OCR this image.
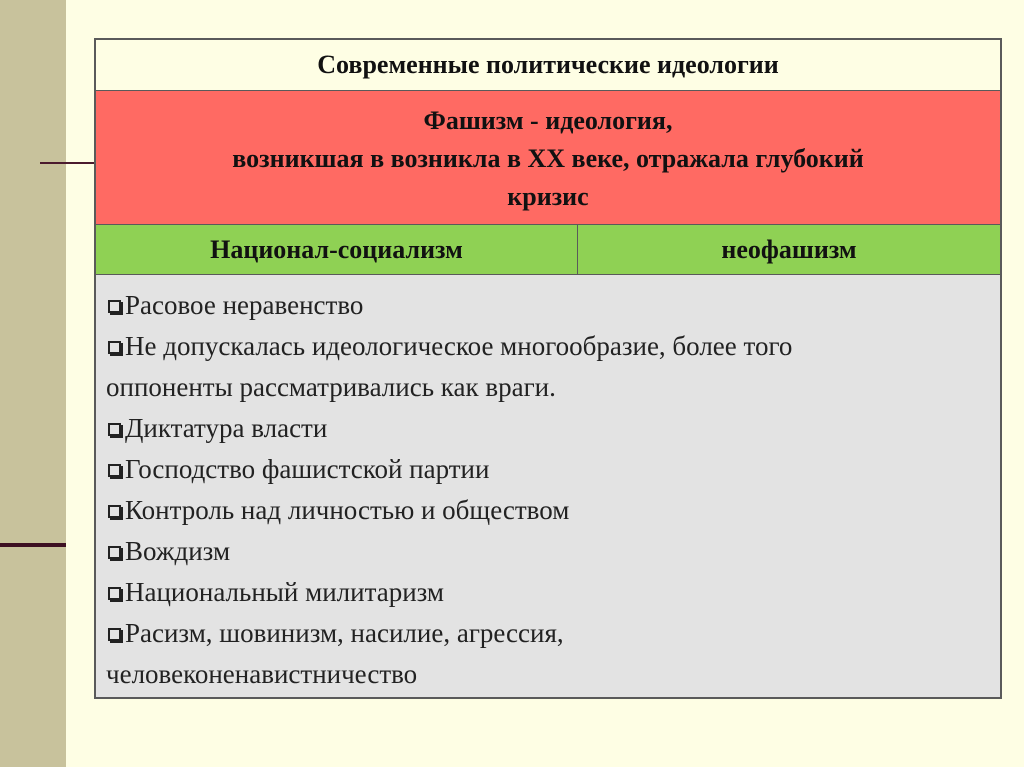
Современные политические идеологии
Фашизм - идеология,
возникшая в возникла в XX веке, отражала глубокий
кризис
Национал-социализм	неофашизм
Расовое неравенство
Не допускалась идеологическое многообразие, более того
оппоненты рассматривались как враги.
Диктатура власти
Господство фашистской партии
Контроль над личностью и обществом
Вождизм
Национальный милитаризм
Расизм, шовинизм, насилие, агрессия,
человеконенавистничество
